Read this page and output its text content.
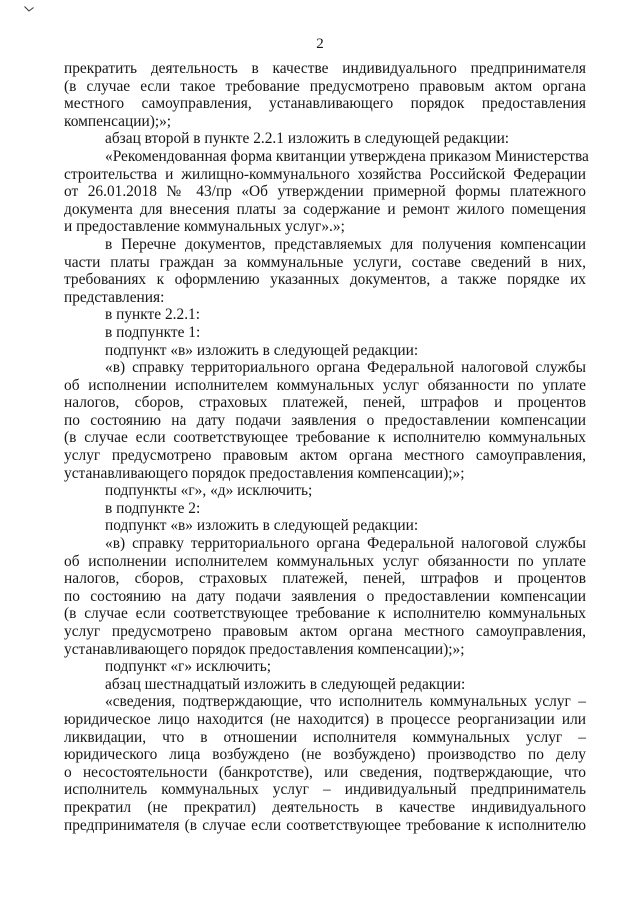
2
прекратить деятельность в качестве индивидуального предпринимателя
(в случае если такое требование предусмотрено правовым актом органа
местного самоуправления, устанавливающего порядок предоставления
компенсации);»;
абзац второй в пункте 2.2.1 изложить в следующей редакции:
«Рекомендованная форма квитанции утверждена приказом Министерства
строительства и жилищно-коммунального хозяйства Российской Федерации
от 26.01.2018 № 43/пр «Об утверждении примерной формы платежного
документа для внесения платы за содержание и ремонт жилого помещения
и предоставление коммунальных услуг».»;
в Перечне документов, представляемых для получения компенсации
части платы граждан за коммунальные услуги, составе сведений в них,
требованиях к оформлению указанных документов, а также порядке их
представления:
в пункте 2.2.1:
в подпункте 1:
подпункт «в» изложить в следующей редакции:
«в) справку территориального органа Федеральной налоговой службы
об исполнении исполнителем коммунальных услуг обязанности по уплате
налогов, сборов, страховых платежей, пеней, штрафов и процентов
по состоянию на дату подачи заявления о предоставлении компенсации
(в случае если соответствующее требование к исполнителю коммунальных
услуг предусмотрено правовым актом органа местного самоуправления,
устанавливающего порядок предоставления компенсации);»;
подпункты «г», «д» исключить;
в подпункте 2:
подпункт «в» изложить в следующей редакции:
«в) справку территориального органа Федеральной налоговой службы
об исполнении исполнителем коммунальных услуг обязанности по уплате
налогов, сборов, страховых платежей, пеней, штрафов и процентов
по состоянию на дату подачи заявления о предоставлении компенсации
(в случае если соответствующее требование к исполнителю коммунальных
услуг предусмотрено правовым актом органа местного самоуправления,
устанавливающего порядок предоставления компенсации);»;
подпункт «г» исключить;
абзац шестнадцатый изложить в следующей редакции:
«сведения, подтверждающие, что исполнитель коммунальных услуг –
юридическое лицо находится (не находится) в процессе реорганизации или
ликвидации, что в отношении исполнителя коммунальных услуг –
юридического лица возбуждено (не возбуждено) производство по делу
о несостоятельности (банкротстве), или сведения, подтверждающие, что
исполнитель коммунальных услуг – индивидуальный предприниматель
прекратил (не прекратил) деятельность в качестве индивидуального
предпринимателя (в случае если соответствующее требование к исполнителю
